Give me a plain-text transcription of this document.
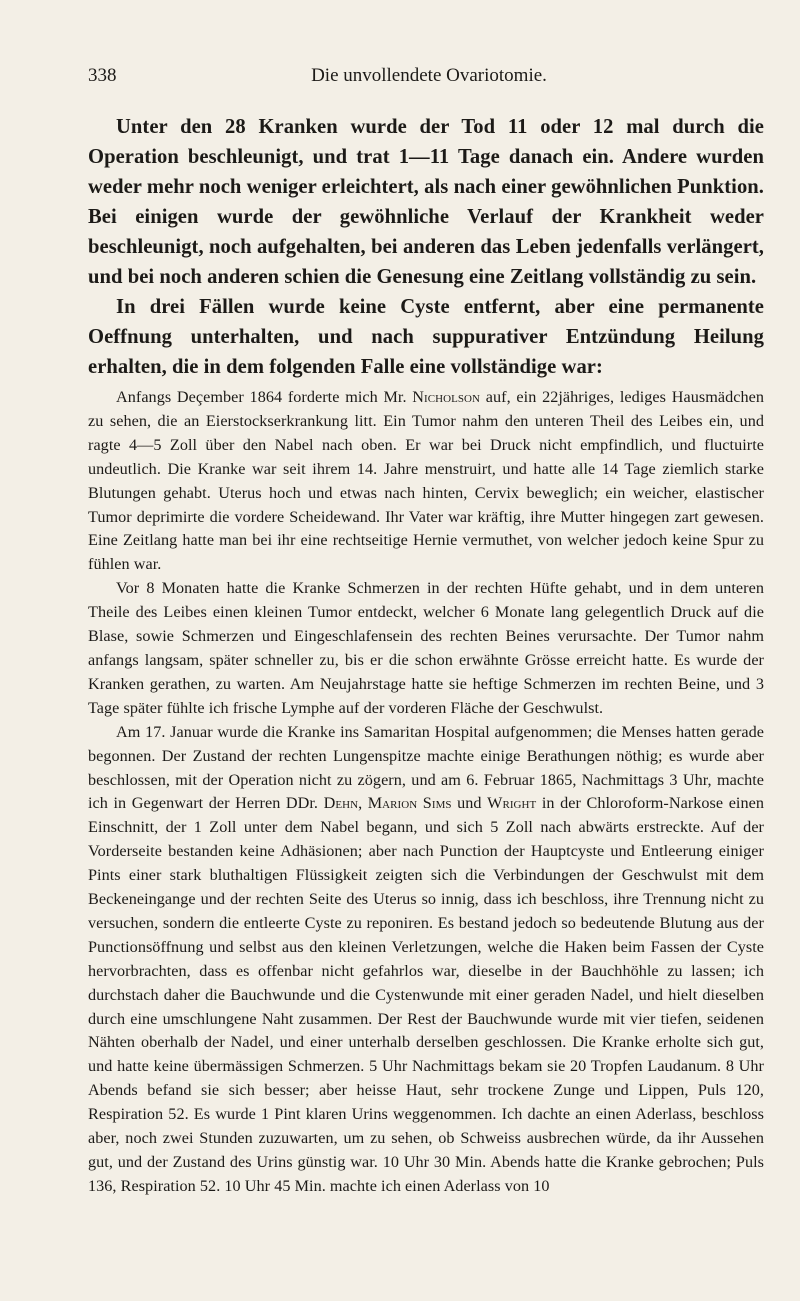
338	Die unvollendete Ovariotomie.

Unter den 28 Kranken wurde der Tod 11 oder 12 mal durch die Operation beschleunigt, und trat 1—11 Tage danach ein. Andere wurden weder mehr noch weniger erleichtert, als nach einer gewöhnlichen Punktion. Bei einigen wurde der gewöhnliche Verlauf der Krankheit weder beschleunigt, noch aufgehalten, bei anderen das Leben jedenfalls verlängert, und bei noch anderen schien die Genesung eine Zeitlang vollständig zu sein.

In drei Fällen wurde keine Cyste entfernt, aber eine permanente Oeffnung unterhalten, und nach suppurativer Entzündung Heilung erhalten, die in dem folgenden Falle eine vollständige war:

Anfangs Deçember 1864 forderte mich Mr. Nicholson auf, ein 22jähriges, lediges Hausmädchen zu sehen, die an Eierstockserkrankung litt. Ein Tumor nahm den unteren Theil des Leibes ein, und ragte 4—5 Zoll über den Nabel nach oben. Er war bei Druck nicht empfindlich, und fluctuirte undeutlich. Die Kranke war seit ihrem 14. Jahre menstruirt, und hatte alle 14 Tage ziemlich starke Blutungen gehabt. Uterus hoch und etwas nach hinten, Cervix beweglich; ein weicher, elastischer Tumor deprimirte die vordere Scheidewand. Ihr Vater war kräftig, ihre Mutter hingegen zart gewesen. Eine Zeitlang hatte man bei ihr eine rechtseitige Hernie vermuthet, von welcher jedoch keine Spur zu fühlen war.

Vor 8 Monaten hatte die Kranke Schmerzen in der rechten Hüfte gehabt, und in dem unteren Theile des Leibes einen kleinen Tumor entdeckt, welcher 6 Monate lang gelegentlich Druck auf die Blase, sowie Schmerzen und Eingeschlafensein des rechten Beines verursachte. Der Tumor nahm anfangs langsam, später schneller zu, bis er die schon erwähnte Grösse erreicht hatte. Es wurde der Kranken gerathen, zu warten. Am Neujahrstage hatte sie heftige Schmerzen im rechten Beine, und 3 Tage später fühlte ich frische Lymphe auf der vorderen Fläche der Geschwulst.

Am 17. Januar wurde die Kranke ins Samaritan Hospital aufgenommen; die Menses hatten gerade begonnen. Der Zustand der rechten Lungenspitze machte einige Berathungen nöthig; es wurde aber beschlossen, mit der Operation nicht zu zögern, und am 6. Februar 1865, Nachmittags 3 Uhr, machte ich in Gegenwart der Herren DDr. Dehn, Marion Sims und Wright in der Chloroform-Narkose einen Einschnitt, der 1 Zoll unter dem Nabel begann, und sich 5 Zoll nach abwärts erstreckte. Auf der Vorderseite bestanden keine Adhäsionen; aber nach Punction der Hauptcyste und Entleerung einiger Pints einer stark bluthaltigen Flüssigkeit zeigten sich die Verbindungen der Geschwulst mit dem Beckeneingange und der rechten Seite des Uterus so innig, dass ich beschloss, ihre Trennung nicht zu versuchen, sondern die entleerte Cyste zu reponiren. Es bestand jedoch so bedeutende Blutung aus der Punctionsöffnung und selbst aus den kleinen Verletzungen, welche die Haken beim Fassen der Cyste hervorbrachten, dass es offenbar nicht gefahrlos war, dieselbe in der Bauchhöhle zu lassen; ich durchstach daher die Bauchwunde und die Cystenwunde mit einer geraden Nadel, und hielt dieselben durch eine umschlungene Naht zusammen. Der Rest der Bauchwunde wurde mit vier tiefen, seidenen Nähten oberhalb der Nadel, und einer unterhalb derselben geschlossen. Die Kranke erholte sich gut, und hatte keine übermässigen Schmerzen. 5 Uhr Nachmittags bekam sie 20 Tropfen Laudanum. 8 Uhr Abends befand sie sich besser; aber heisse Haut, sehr trockene Zunge und Lippen, Puls 120, Respiration 52. Es wurde 1 Pint klaren Urins weggenommen. Ich dachte an einen Aderlass, beschloss aber, noch zwei Stunden zuzuwarten, um zu sehen, ob Schweiss ausbrechen würde, da ihr Aussehen gut, und der Zustand des Urins günstig war. 10 Uhr 30 Min. Abends hatte die Kranke gebrochen; Puls 136, Respiration 52. 10 Uhr 45 Min. machte ich einen Aderlass von 10
